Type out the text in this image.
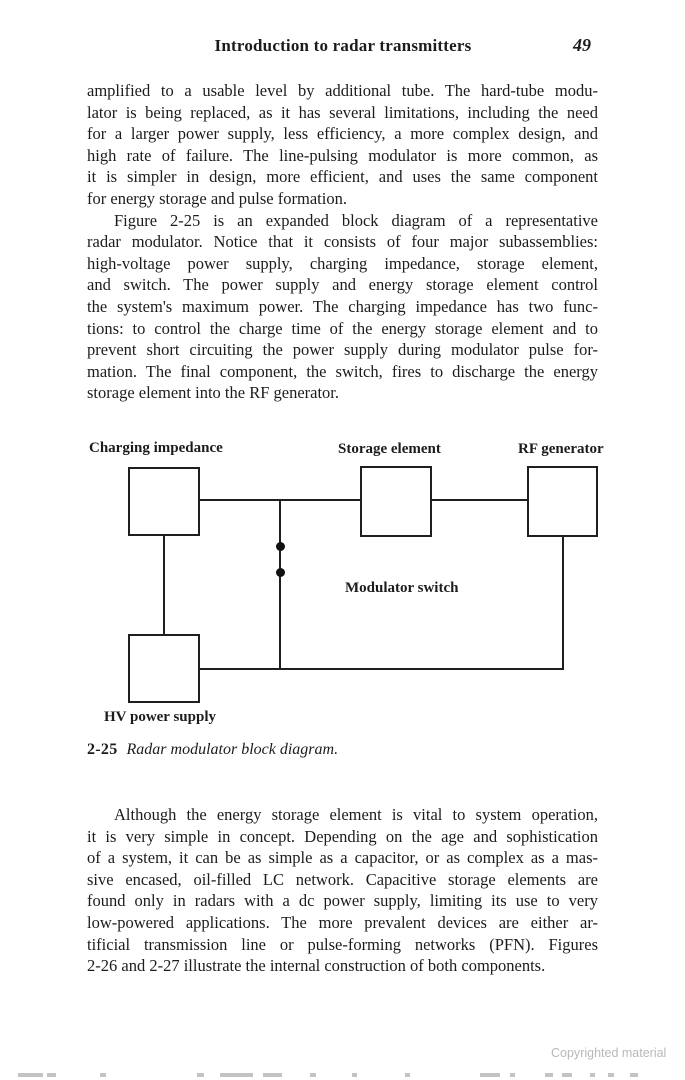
Introduction to radar transmitters	49
amplified to a usable level by additional tube. The hard-tube modu-
lator is being replaced, as it has several limitations, including the need
for a larger power supply, less efficiency, a more complex design, and
high rate of failure. The line-pulsing modulator is more common, as
it is simpler in design, more efficient, and uses the same component
for energy storage and pulse formation.
Figure 2-25 is an expanded block diagram of a representative
radar modulator. Notice that it consists of four major subassemblies:
high-voltage power supply, charging impedance, storage element,
and switch. The power supply and energy storage element control
the system's maximum power. The charging impedance has two func-
tions: to control the charge time of the energy storage element and to
prevent short circuiting the power supply during modulator pulse for-
mation. The final component, the switch, fires to discharge the energy
storage element into the RF generator.
Charging impedance	Storage element	RF generator
Modulator switch
HV power supply
2-25 Radar modulator block diagram.
Although the energy storage element is vital to system operation,
it is very simple in concept. Depending on the age and sophistication
of a system, it can be as simple as a capacitor, or as complex as a mas-
sive encased, oil-filled LC network. Capacitive storage elements are
found only in radars with a dc power supply, limiting its use to very
low-powered applications. The more prevalent devices are either ar-
tificial transmission line or pulse-forming networks (PFN). Figures
2-26 and 2-27 illustrate the internal construction of both components.
Copyrighted material
